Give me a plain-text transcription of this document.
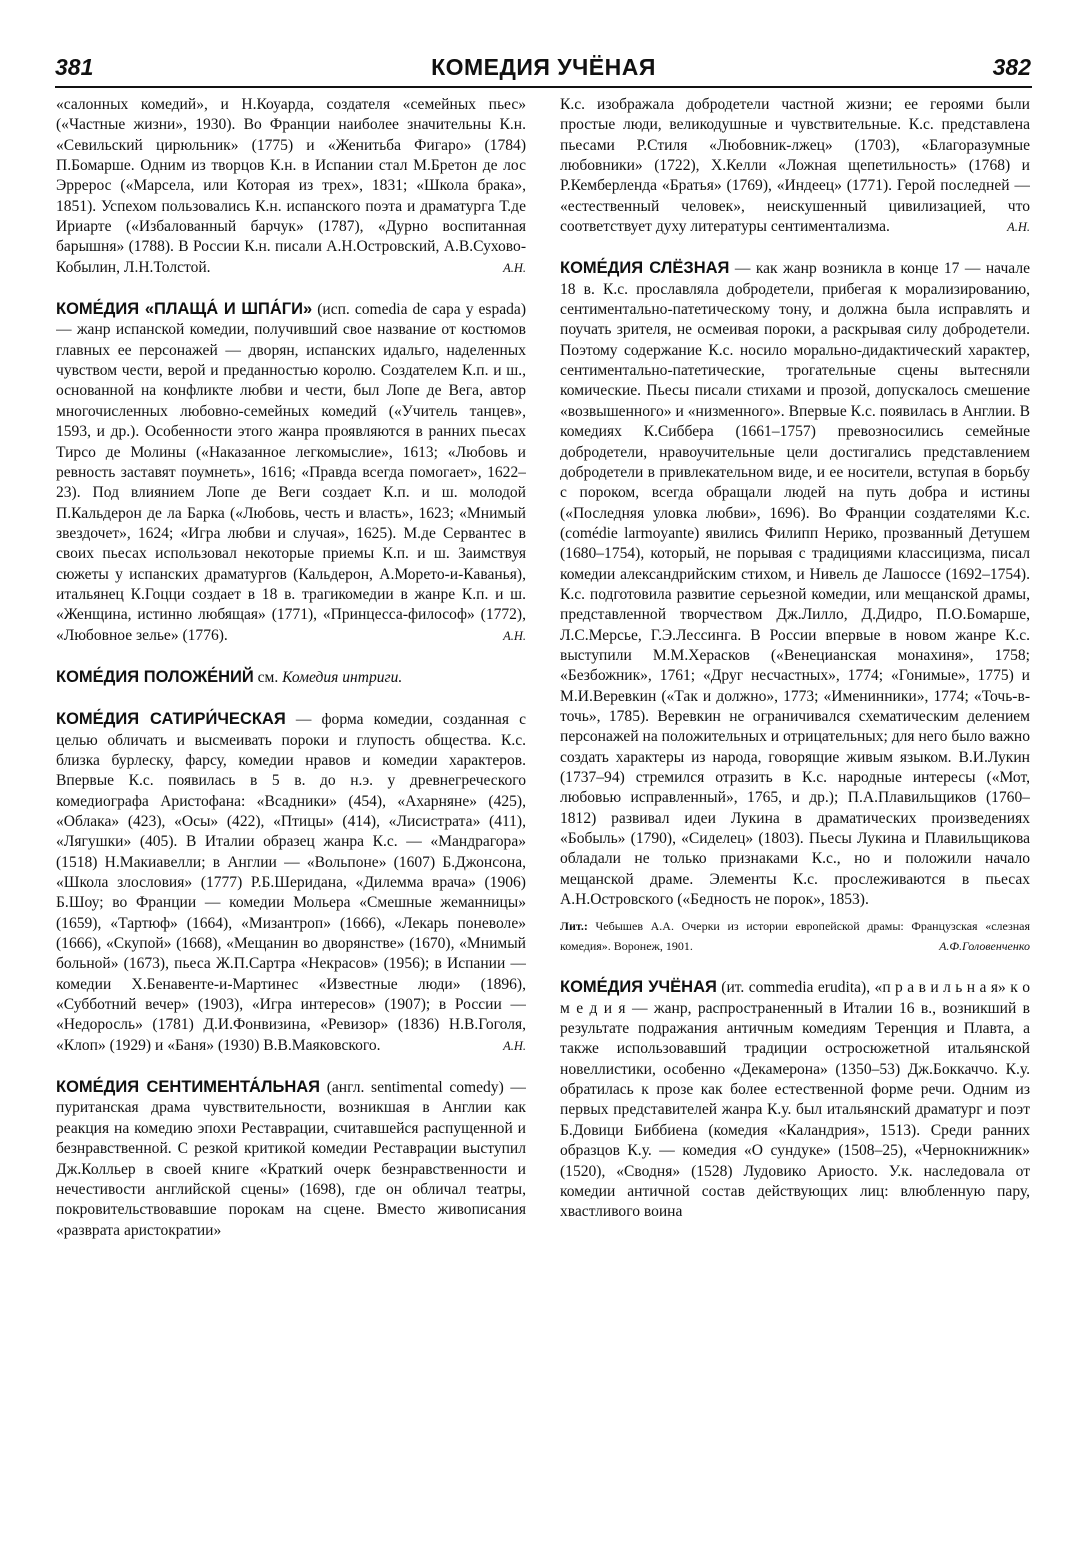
381	КОМЕДИЯ УЧЁНАЯ	382

«салонных комедий», и Н.Коуарда, создателя «семейных пьес» («Частные жизни», 1930). Во Франции наиболее значительны К.н. «Севильский цирюльник» (1775) и «Женитьба Фигаро» (1784) П.Бомарше. Одним из творцов К.н. в Испании стал М.Бретон де лос Эррерос («Марсела, или Которая из трех», 1831; «Школа брака», 1851). Успехом пользовались К.н. испанского поэта и драматурга Т.де Ириарте («Избалованный барчук» (1787), «Дурно воспитанная барышня» (1788). В России К.н. писали А.Н.Островский, А.В.Сухово-Кобылин, Л.Н.Толстой.	А.Н.

КОМЕ́ДИЯ «ПЛАЩА́ И ШПА́ГИ» (исп. comedia de capa y espada) — жанр испанской комедии, получивший свое название от костюмов главных ее персонажей — дворян, испанских идальго, наделенных чувством чести, верой и преданностью королю. Создателем К.п. и ш., основанной на конфликте любви и чести, был Лопе де Вега, автор многочисленных любовно-семейных комедий («Учитель танцев», 1593, и др.). Особенности этого жанра проявляются в ранних пьесах Тирсо де Молины («Наказанное легкомыслие», 1613; «Любовь и ревность заставят поумнеть», 1616; «Правда всегда помогает», 1622–23). Под влиянием Лопе де Веги создает К.п. и ш. молодой П.Кальдерон де ла Барка («Любовь, честь и власть», 1623; «Мнимый звездочет», 1624; «Игра любви и случая», 1625). М.де Сервантес в своих пьесах использовал некоторые приемы К.п. и ш. Заимствуя сюжеты у испанских драматургов (Кальдерон, А.Морето-и-Каванья), итальянец К.Гоцци создает в 18 в. трагикомедии в жанре К.п. и ш. «Женщина, истинно любящая» (1771), «Принцесса-философ» (1772), «Любовное зелье» (1776).	А.Н.

КОМЕ́ДИЯ ПОЛОЖЕ́НИЙ см. Комедия интриги.

КОМЕ́ДИЯ САТИРИ́ЧЕСКАЯ — форма комедии, созданная с целью обличать и высмеивать пороки и глупость общества. К.с. близка бурлеску, фарсу, комедии нравов и комедии характеров. Впервые К.с. появилась в 5 в. до н.э. у древнегреческого комедиографа Аристофана: «Всадники» (454), «Ахарняне» (425), «Облака» (423), «Осы» (422), «Птицы» (414), «Лисистрата» (411), «Лягушки» (405). В Италии образец жанра К.с. — «Мандрагора» (1518) Н.Макиавелли; в Англии — «Вольпоне» (1607) Б.Джонсона, «Школа злословия» (1777) Р.Б.Шеридана, «Дилемма врача» (1906) Б.Шоу; во Франции — комедии Мольера «Смешные жеманницы» (1659), «Тартюф» (1664), «Мизантроп» (1666), «Лекарь поневоле» (1666), «Скупой» (1668), «Мещанин во дворянстве» (1670), «Мнимый больной» (1673), пьеса Ж.П.Сартра «Некрасов» (1956); в Испании — комедии Х.Бенавенте-и-Мартинес «Известные люди» (1896), «Субботний вечер» (1903), «Игра интересов» (1907); в России — «Недоросль» (1781) Д.И.Фонвизина, «Ревизор» (1836) Н.В.Гоголя, «Клоп» (1929) и «Баня» (1930) В.В.Маяковского.	А.Н.

КОМЕ́ДИЯ СЕНТИМЕНТА́ЛЬНАЯ (англ. sentimental comedy) — пуританская драма чувствительности, возникшая в Англии как реакция на комедию эпохи Реставрации, считавшейся распущенной и безнравственной. С резкой критикой комедии Реставрации выступил Дж.Колльер в своей книге «Краткий очерк безнравственности и нечестивости английской сцены» (1698), где он обличал театры, покровительствовавшие порокам на сцене. Вместо живописания «разврата аристократии»

К.с. изображала добродетели частной жизни; ее героями были простые люди, великодушные и чувствительные. К.с. представлена пьесами Р.Стиля «Любовник-лжец» (1703), «Благоразумные любовники» (1722), Х.Келли «Ложная щепетильность» (1768) и Р.Кемберленда «Братья» (1769), «Индеец» (1771). Герой последней — «естественный человек», неискушенный цивилизацией, что соответствует духу литературы сентиментализма.	А.Н.

КОМЕ́ДИЯ СЛЁЗНАЯ — как жанр возникла в конце 17 — начале 18 в. К.с. прославляла добродетели, прибегая к морализированию, сентиментально-патетическому тону, и должна была исправлять и поучать зрителя, не осмеивая пороки, а раскрывая силу добродетели. Поэтому содержание К.с. носило морально-дидактический характер, сентиментально-патетические, трогательные сцены вытесняли комические. Пьесы писали стихами и прозой, допускалось смешение «возвышенного» и «низменного». Впервые К.с. появилась в Англии. В комедиях К.Сиббера (1661–1757) превозносились семейные добродетели, нравоучительные цели достигались представлением добродетели в привлекательном виде, и ее носители, вступая в борьбу с пороком, всегда обращали людей на путь добра и истины («Последняя уловка любви», 1696). Во Франции создателями К.с. (comédie larmoyante) явились Филипп Нерико, прозванный Детушем (1680–1754), который, не порывая с традициями классицизма, писал комедии александрийским стихом, и Нивель де Лашоссе (1692–1754). К.с. подготовила развитие серьезной комедии, или мещанской драмы, представленной творчеством Дж.Лилло, Д.Дидро, П.О.Бомарше, Л.С.Мерсье, Г.Э.Лессинга. В России впервые в новом жанре К.с. выступили М.М.Херасков («Венецианская монахиня», 1758; «Безбожник», 1761; «Друг несчастных», 1774; «Гонимые», 1775) и М.И.Веревкин («Так и должно», 1773; «Именинники», 1774; «Точь-в-точь», 1785). Веревкин не ограничивался схематическим делением персонажей на положительных и отрицательных; для него было важно создать характеры из народа, говорящие живым языком. В.И.Лукин (1737–94) стремился отразить в К.с. народные интересы («Мот, любовью исправленный», 1765, и др.); П.А.Плавильщиков (1760–1812) развивал идеи Лукина в драматических произведениях «Бобыль» (1790), «Сиделец» (1803). Пьесы Лукина и Плавильщикова обладали не только признаками К.с., но и положили начало мещанской драме. Элементы К.с. прослеживаются в пьесах А.Н.Островского («Бедность не порок», 1853).

Лит.: Чебышев А.А. Очерки из истории европейской драмы: Французская «слезная комедия». Воронеж, 1901.	А.Ф.Головенченко

КОМЕ́ДИЯ УЧЁНАЯ (ит. commedia erudita), «п р а в и л ь н а я» к о м е д и я — жанр, распространенный в Италии 16 в., возникший в результате подражания античным комедиям Теренция и Плавта, а также использовавший традиции остросюжетной итальянской новеллистики, особенно «Декамерона» (1350–53) Дж.Боккаччо. К.у. обратилась к прозе как более естественной форме речи. Одним из первых представителей жанра К.у. был итальянский драматург и поэт Б.Довици Биббиена (комедия «Каландрия», 1513). Среди ранних образцов К.у. — комедия «О сундуке» (1508–25), «Чернокнижник» (1520), «Сводня» (1528) Лудовико Ариосто. У.к. наследовала от комедии античной состав действующих лиц: влюбленную пару, хвастливого воина
